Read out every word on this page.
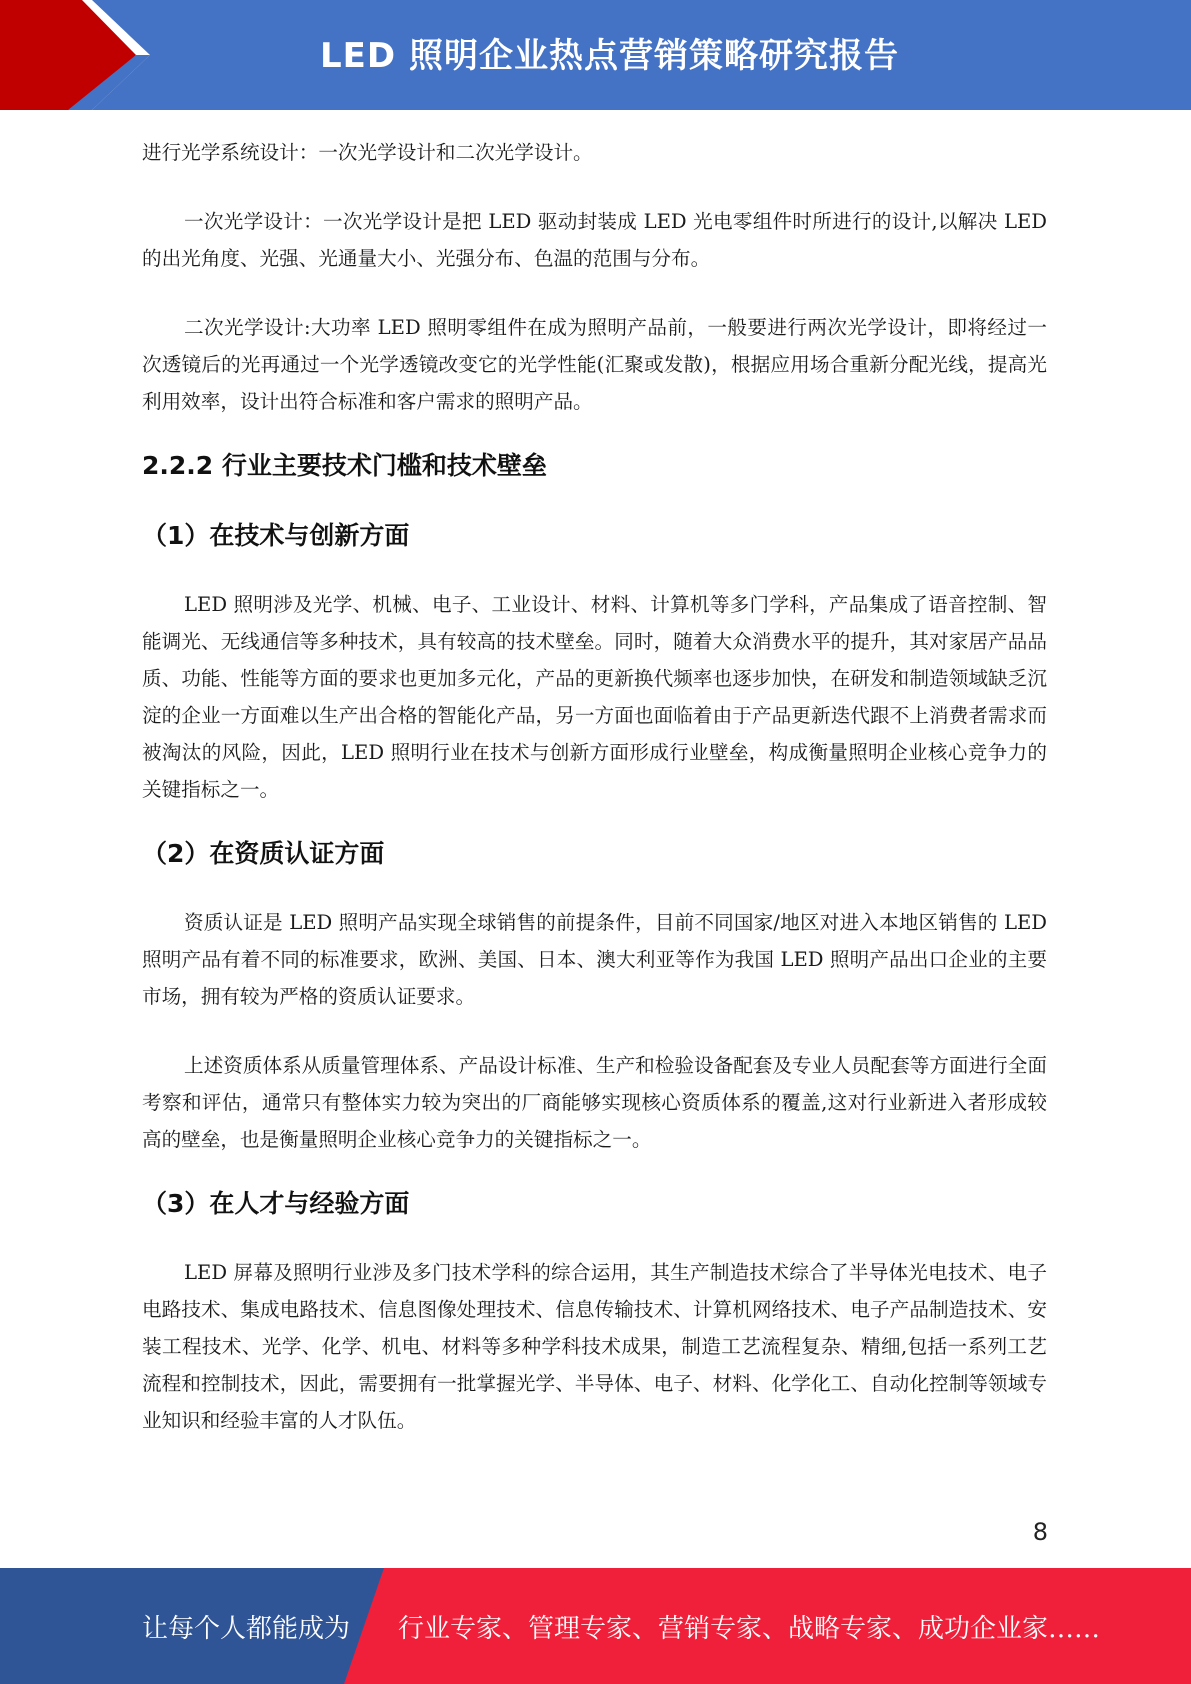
LED 照明企业热点营销策略研究报告

进行光学系统设计：一次光学设计和二次光学设计。

一次光学设计：一次光学设计是把 LED 驱动封装成 LED 光电零组件时所进行的设计,以解决 LED 的出光角度、光强、光通量大小、光强分布、色温的范围与分布。

二次光学设计:大功率 LED 照明零组件在成为照明产品前，一般要进行两次光学设计，即将经过一次透镜后的光再通过一个光学透镜改变它的光学性能(汇聚或发散)，根据应用场合重新分配光线，提高光利用效率，设计出符合标准和客户需求的照明产品。

2.2.2 行业主要技术门槛和技术壁垒
（1）在技术与创新方面

LED 照明涉及光学、机械、电子、工业设计、材料、计算机等多门学科，产品集成了语音控制、智能调光、无线通信等多种技术，具有较高的技术壁垒。同时，随着大众消费水平的提升，其对家居产品品质、功能、性能等方面的要求也更加多元化，产品的更新换代频率也逐步加快，在研发和制造领域缺乏沉淀的企业一方面难以生产出合格的智能化产品，另一方面也面临着由于产品更新迭代跟不上消费者需求而被淘汰的风险，因此，LED 照明行业在技术与创新方面形成行业壁垒，构成衡量照明企业核心竞争力的关键指标之一。

（2）在资质认证方面

资质认证是 LED 照明产品实现全球销售的前提条件，目前不同国家/地区对进入本地区销售的 LED 照明产品有着不同的标准要求，欧洲、美国、日本、澳大利亚等作为我国 LED 照明产品出口企业的主要市场，拥有较为严格的资质认证要求。

上述资质体系从质量管理体系、产品设计标准、生产和检验设备配套及专业人员配套等方面进行全面考察和评估，通常只有整体实力较为突出的厂商能够实现核心资质体系的覆盖,这对行业新进入者形成较高的壁垒，也是衡量照明企业核心竞争力的关键指标之一。

（3）在人才与经验方面

LED 屏幕及照明行业涉及多门技术学科的综合运用，其生产制造技术综合了半导体光电技术、电子电路技术、集成电路技术、信息图像处理技术、信息传输技术、计算机网络技术、电子产品制造技术、安装工程技术、光学、化学、机电、材料等多种学科技术成果，制造工艺流程复杂、精细,包括一系列工艺流程和控制技术，因此，需要拥有一批掌握光学、半导体、电子、材料、化学化工、自动化控制等领域专业知识和经验丰富的人才队伍。

8
让每个人都能成为 行业专家、管理专家、营销专家、战略专家、成功企业家……
